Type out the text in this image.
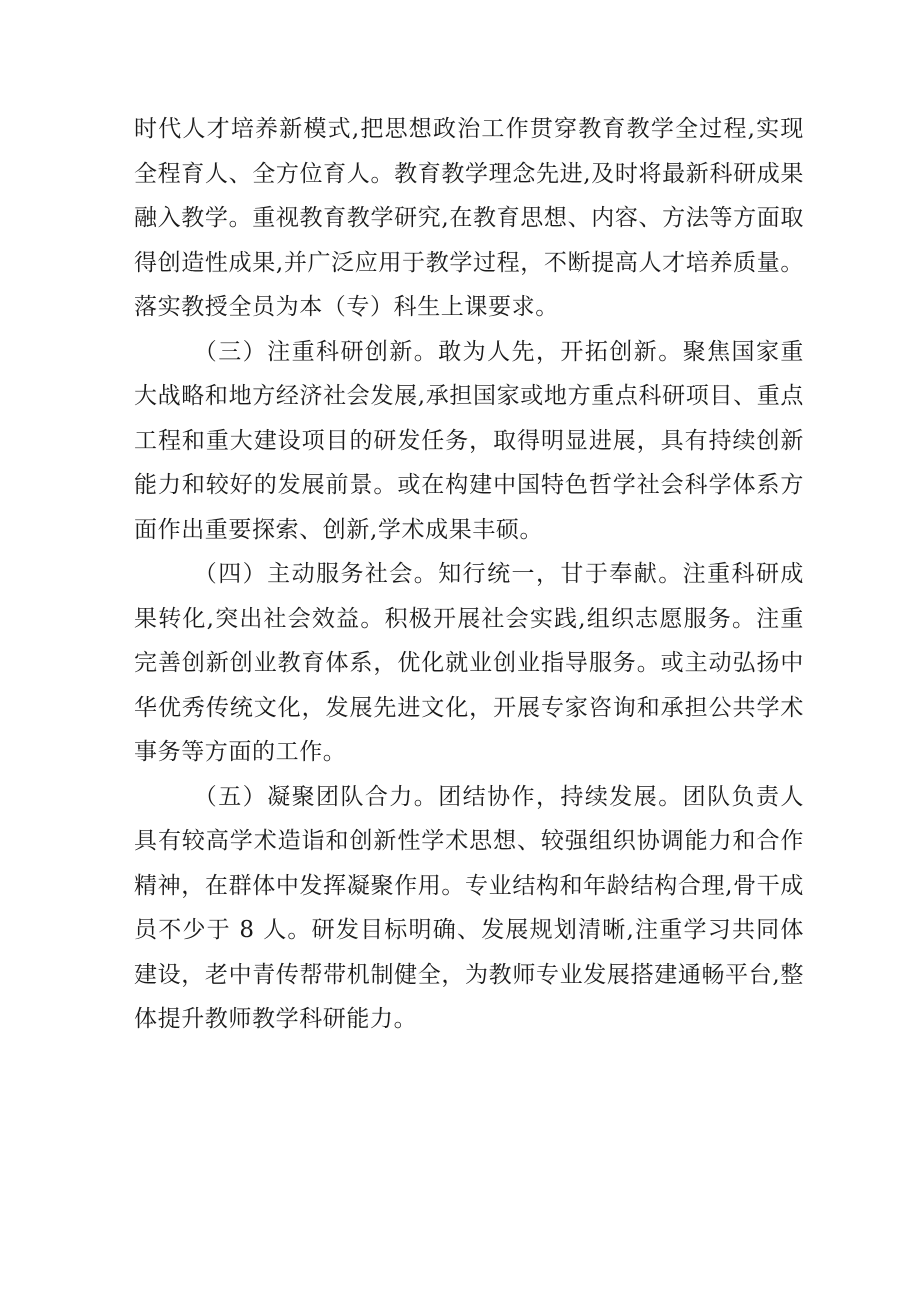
时代人才培养新模式,把思想政治工作贯穿教育教学全过程,实现全程育人、全方位育人。教育教学理念先进,及时将最新科研成果融入教学。重视教育教学研究,在教育思想、内容、方法等方面取得创造性成果,并广泛应用于教学过程，不断提高人才培养质量。落实教授全员为本（专）科生上课要求。

（三）注重科研创新。敢为人先，开拓创新。聚焦国家重大战略和地方经济社会发展,承担国家或地方重点科研项目、重点工程和重大建设项目的研发任务，取得明显进展，具有持续创新能力和较好的发展前景。或在构建中国特色哲学社会科学体系方面作出重要探索、创新,学术成果丰硕。

（四）主动服务社会。知行统一，甘于奉献。注重科研成果转化,突出社会效益。积极开展社会实践,组织志愿服务。注重完善创新创业教育体系，优化就业创业指导服务。或主动弘扬中华优秀传统文化，发展先进文化，开展专家咨询和承担公共学术事务等方面的工作。

（五）凝聚团队合力。团结协作，持续发展。团队负责人具有较高学术造诣和创新性学术思想、较强组织协调能力和合作精神，在群体中发挥凝聚作用。专业结构和年龄结构合理,骨干成员不少于 8 人。研发目标明确、发展规划清晰,注重学习共同体建设，老中青传帮带机制健全，为教师专业发展搭建通畅平台,整体提升教师教学科研能力。
